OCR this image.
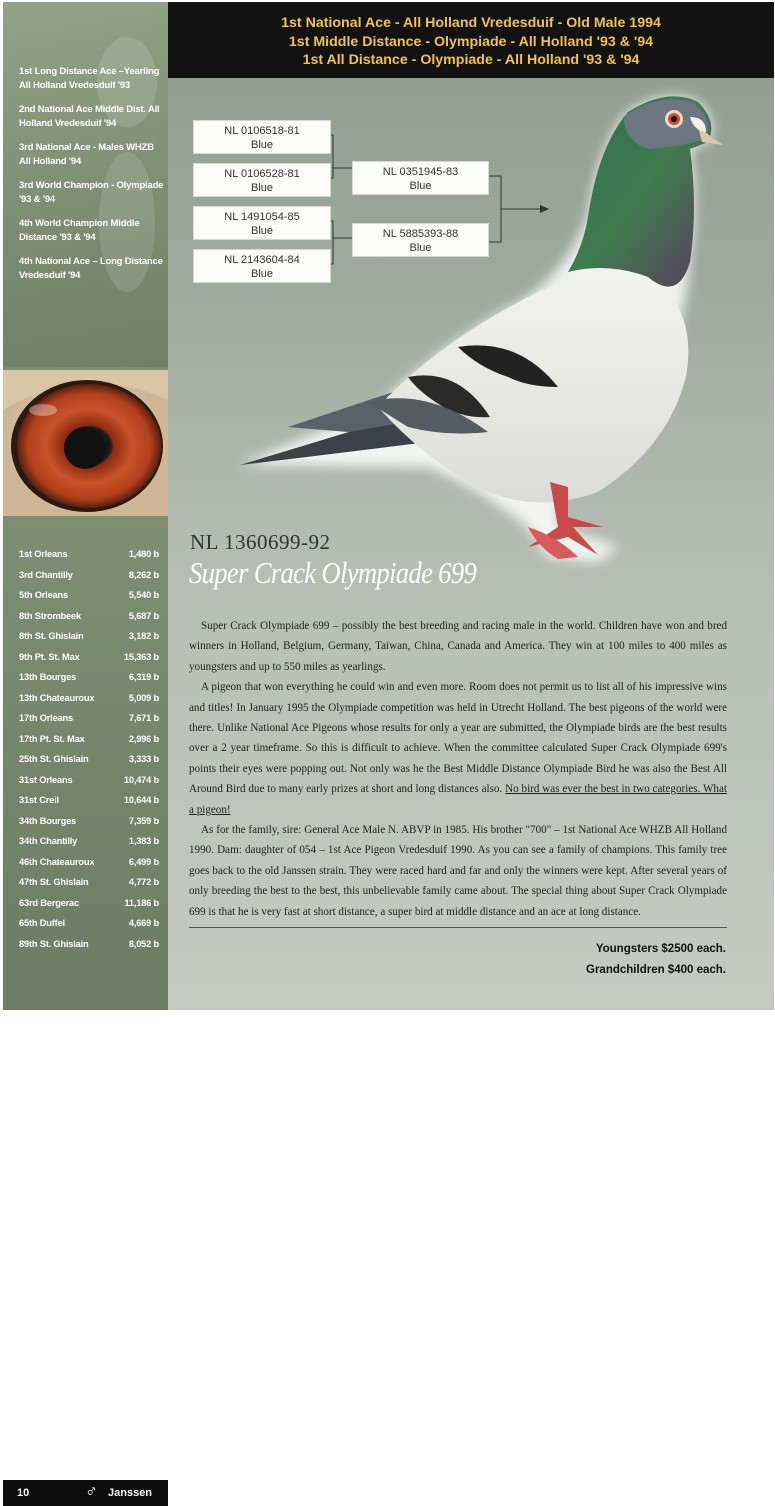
1st Long Distance Ace –Yearling All Holland Vredesduif '93
2nd National Ace Middle Dist. All Holland Vredesduif '94
3rd National Ace - Males WHZB All Holland '94
3rd World Champion - Olympiade '93 & '94
4th World Champion Middle Distance '93 & '94
4th National Ace – Long Distance Vredesduif '94
1st Orleans	1,480 b
3rd Chantilly	8,262 b
5th Orleans	5,540 b
8th Strombeek	5,687 b
8th St. Ghislain	3,182 b
9th Pt. St. Max	15,363 b
13th Bourges	6,319 b
13th Chateauroux	5,009 b
17th Orleans	7,671 b
17th Pt. St. Max	2,996 b
25th St. Ghislain	3,333 b
31st Orleans	10,474 b
31st Creil	10,644 b
34th Bourges	7,359 b
34th Chantilly	1,383 b
46th Chateauroux	6,499 b
47th St. Ghislain	4,772 b
63rd Bergerac	11,186 b
65th Duffel	4,669 b
89th St. Ghislain	8,052 b
10	♂ Janssen
1st National Ace - All Holland Vredesduif - Old Male 1994
1st Middle Distance - Olympiade - All Holland '93 & '94
1st All Distance - Olympiade - All Holland '93 & '94
NL 0106518-81
Blue
NL 0106528-81
Blue
NL 1491054-85
Blue
NL 2143604-84
Blue
NL 0351945-83
Blue
NL 5885393-88
Blue
NL 1360699-92
Super Crack Olympiade 699

Super Crack Olympiade 699 – possibly the best breeding and racing male in the world. Children have won and bred winners in Holland, Belgium, Germany, Taiwan, China, Canada and America. They win at 100 miles to 400 miles as youngsters and up to 550 miles as yearlings.

A pigeon that won everything he could win and even more. Room does not permit us to list all of his impressive wins and titles! In January 1995 the Olympiade competition was held in Utrecht Holland. The best pigeons of the world were there. Unlike National Ace Pigeons whose results for only a year are submitted, the Olympiade birds are the best results over a 2 year timeframe. So this is difficult to achieve. When the committee calculated Super Crack Olympiade 699's points their eyes were popping out. Not only was he the Best Middle Distance Olympiade Bird he was also the Best All Around Bird due to many early prizes at short and long distances also. No bird was ever the best in two categories. What a pigeon!

As for the family, sire: General Ace Male N. ABVP in 1985. His brother "700" – 1st National Ace WHZB All Holland 1990. Dam: daughter of 054 – 1st Ace Pigeon Vredesduif 1990. As you can see a family of champions. This family tree goes back to the old Janssen strain. They were raced hard and far and only the winners were kept. After several years of only breeding the best to the best, this unbelievable family came about. The special thing about Super Crack Olympiade 699 is that he is very fast at short distance, a super bird at middle distance and an ace at long distance.

Youngsters $2500 each.
Grandchildren $400 each.
